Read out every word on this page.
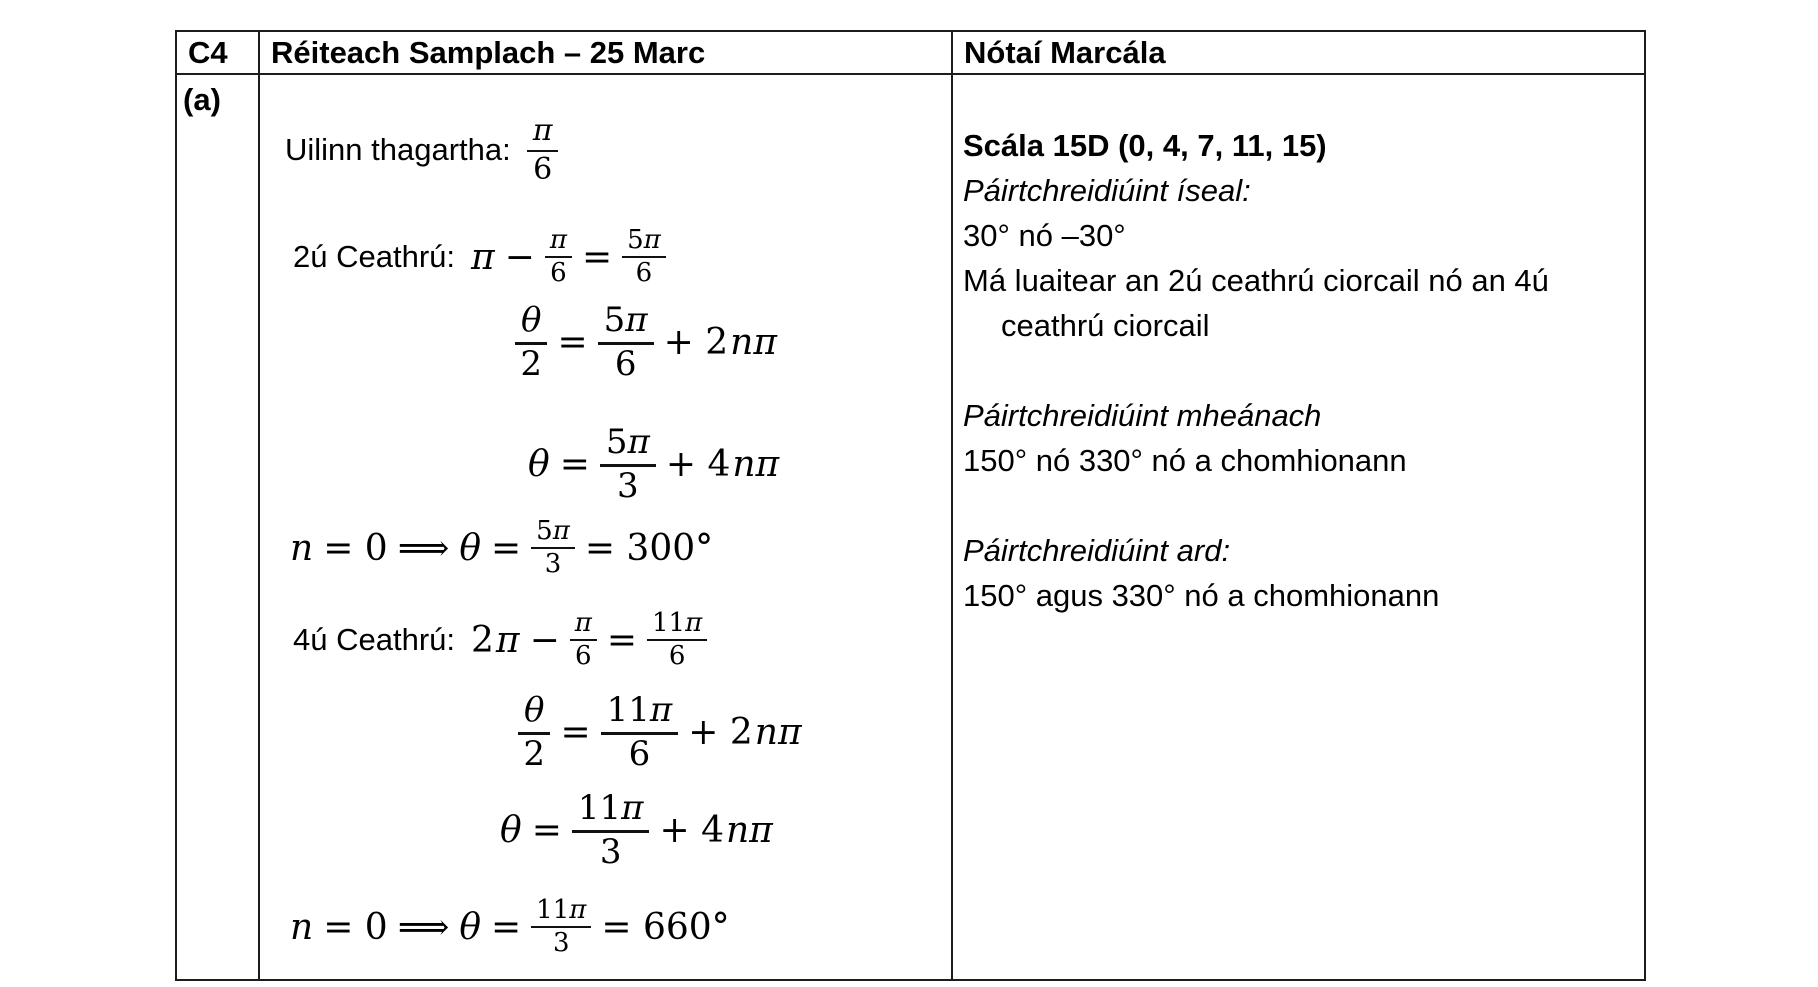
C4	Réiteach Samplach – 25 Marc	Nótaí Marcála
(a)
Uilinn thagartha: $\frac{\pi}{6}$
2ú Ceathrú: $\pi - \frac{\pi}{6} = \frac{5 \pi}{6}$
$\frac{\theta}{2} = \frac{5 \pi}{6} + 2$ nπ
$\theta = \frac{5 \pi}{3} + 4$ nπ
n = 0 ⟹ $\theta = \frac{5 \pi}{3} = 300^\circ$
4ú Ceathrú: 2 $\pi - \frac{\pi}{6} = \frac{11 \pi}{6}$
$\frac{\theta}{2} = \frac{11 \pi}{6} + 2$ nπ
$\theta = \frac{11 \pi}{3} + 4$ nπ
n = 0 ⟹ $\theta = \frac{11 \pi}{3} = 660^\circ$
Scála 15D (0, 4, 7, 11, 15)
Páirtchreidiúint íseal:
30° nó –30°
Má luaitear an 2ú ceathrú ciorcail nó an 4ú
ceathrú ciorcail
Páirtchreidiúint mheánach
150° nó 330° nó a chomhionann
Páirtchreidiúint ard:
150° agus 330° nó a chomhionann
